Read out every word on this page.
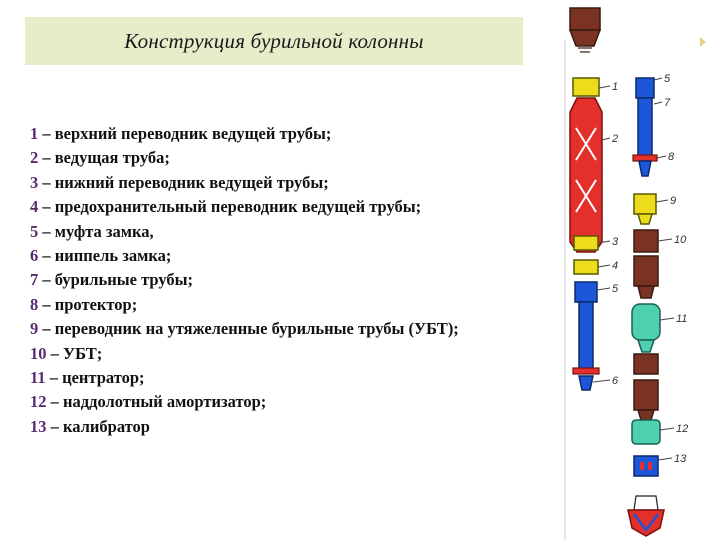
Конструкция бурильной колонны
1 – верхний переводник ведущей трубы;
2 – ведущая труба;
3 – нижний переводник ведущей трубы;
4 – предохранительный переводник ведущей трубы;
5 – муфта замка,
6 – ниппель замка;
7 – бурильные трубы;
8 – протектор;
9 – переводник на утяжеленные бурильные трубы (УБТ);
10 – УБТ;
11 – центратор;
12 – наддолотный амортизатор;
13 – калибратор
1
2
3
4
5
6
5
7
8
9
10
11
12
13
